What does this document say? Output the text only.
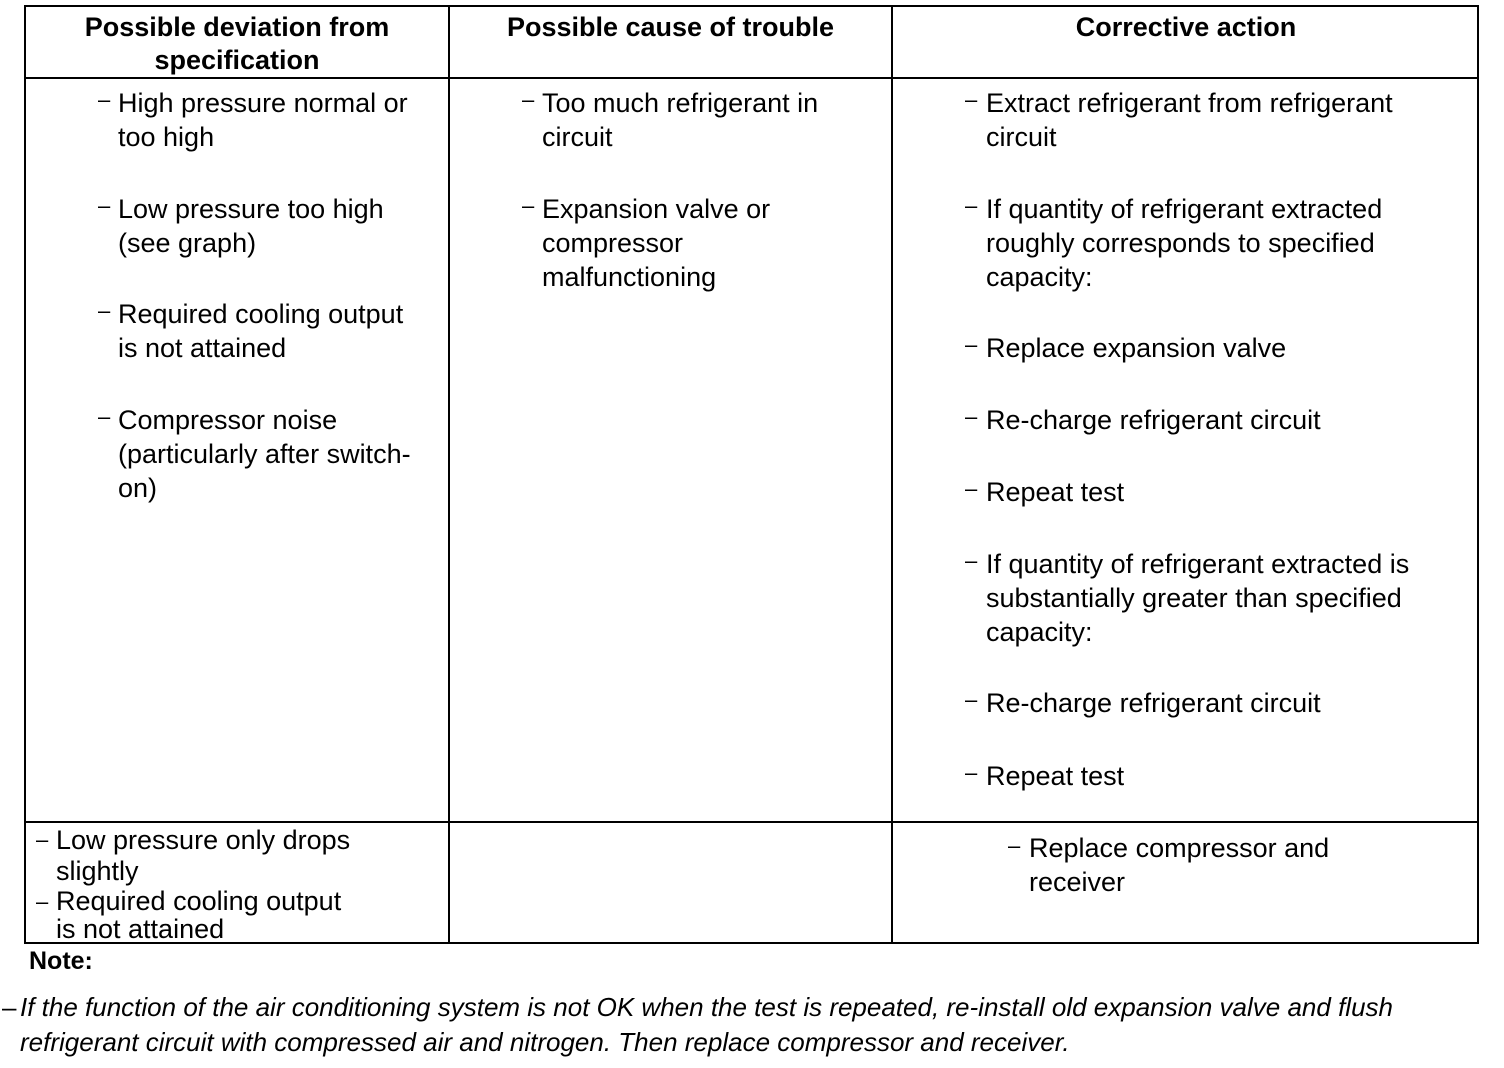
Possible deviation from specification
Possible cause of trouble	Corrective action
– High pressure normal or
too high
– Low pressure too high
(see graph)
– Required cooling output
is not attained
– Compressor noise
(particularly after switch-
on)
– Too much refrigerant in
circuit
– Expansion valve or
compressor
malfunctioning
– Extract refrigerant from refrigerant
circuit
– If quantity of refrigerant extracted
roughly corresponds to specified
capacity:
– Replace expansion valve
– Re-charge refrigerant circuit
– Repeat test
– If quantity of refrigerant extracted is
substantially greater than specified
capacity:
– Re-charge refrigerant circuit
– Repeat test
– Low pressure only drops
slightly
– Required cooling output
is not attained
– Replace compressor and
receiver
Note:
– If the function of the air conditioning system is not OK when the test is repeated, re-install old expansion valve and flush refrigerant circuit with compressed air and nitrogen. Then replace compressor and receiver.
